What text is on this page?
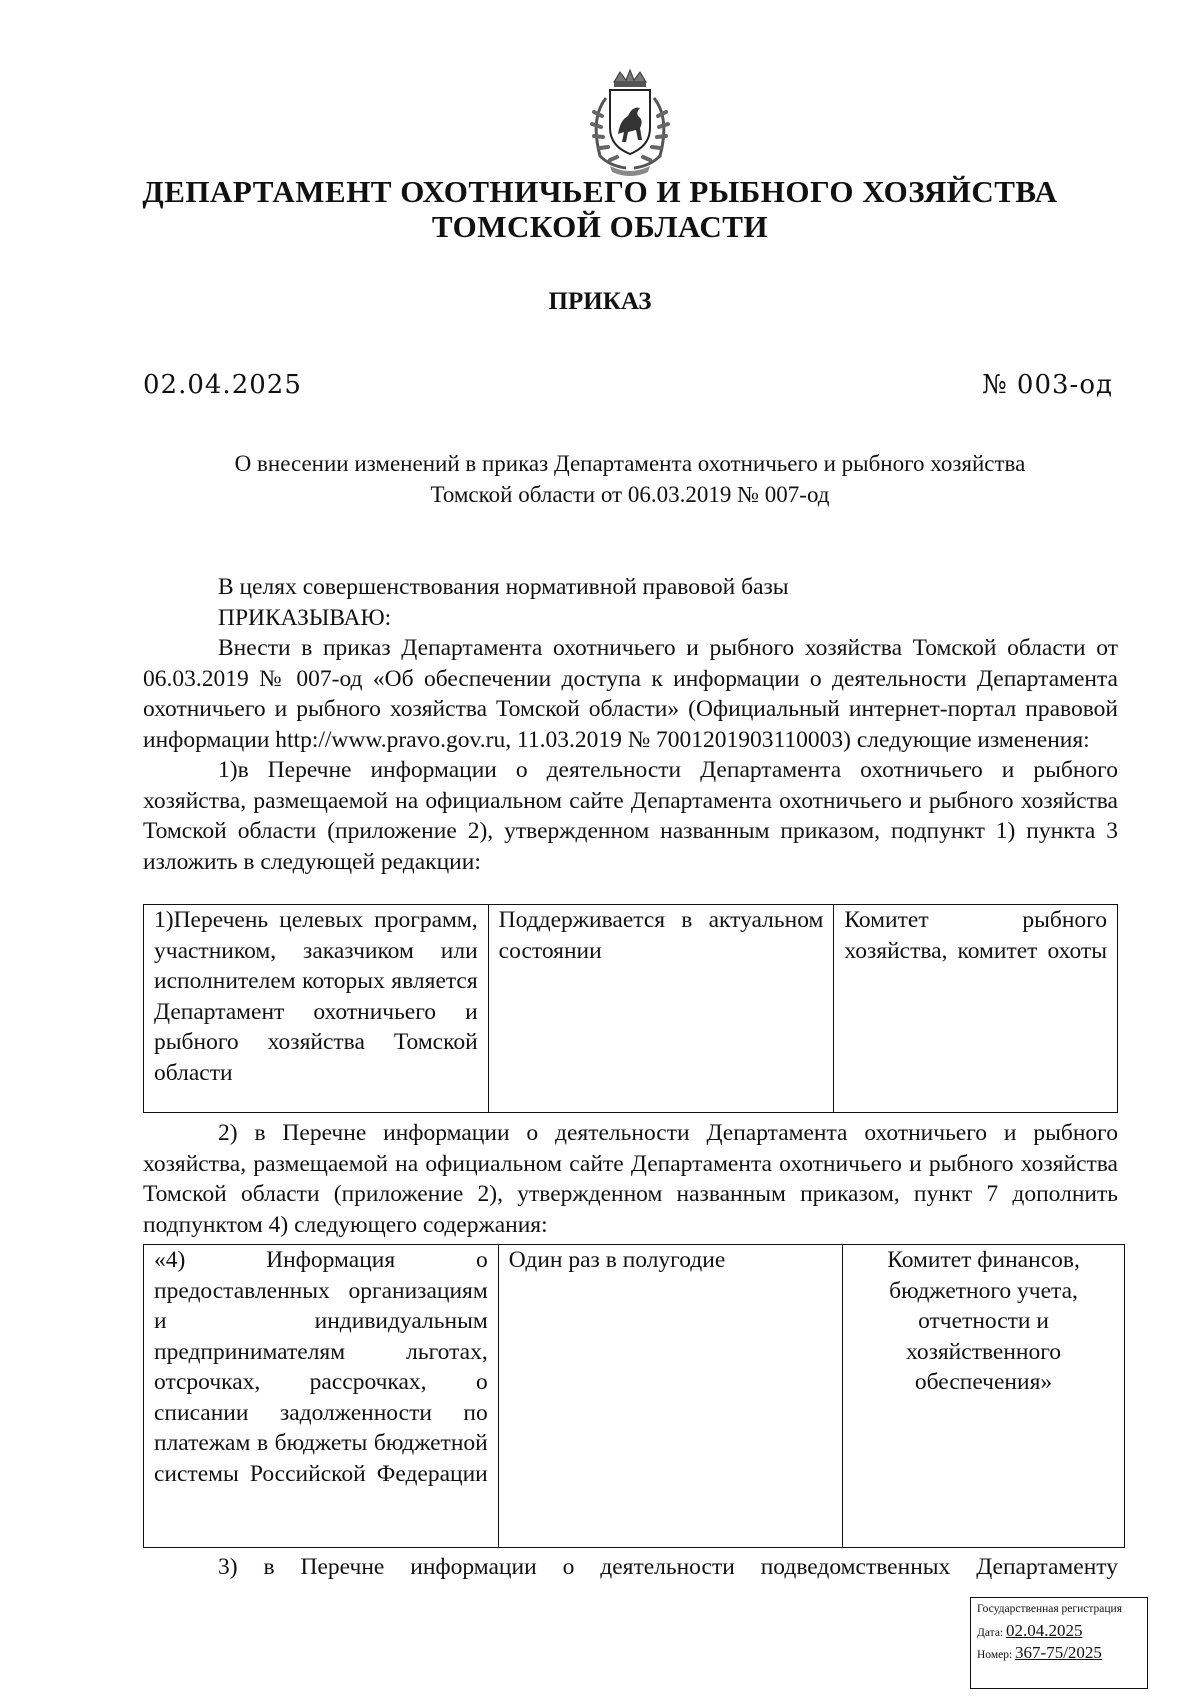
ДЕПАРТАМЕНТ ОХОТНИЧЬЕГО И РЫБНОГО ХОЗЯЙСТВА
ТОМСКОЙ ОБЛАСТИ
ПРИКАЗ
02.04.2025	№ 003-од
О внесении изменений в приказ Департамента охотничьего и рыбного хозяйства
Томской области от 06.03.2019 № 007-од

В целях совершенствования нормативной правовой базы

ПРИКАЗЫВАЮ:

Внести в приказ Департамента охотничьего и рыбного хозяйства Томской области от 06.03.2019 № 007-од «Об обеспечении доступа к информации о деятельности Департамента охотничьего и рыбного хозяйства Томской области» (Официальный интернет-портал правовой информации http://www.pravo.gov.ru, 11.03.2019 № 7001201903110003) следующие изменения:

1)в Перечне информации о деятельности Департамента охотничьего и рыбного хозяйства, размещаемой на официальном сайте Департамента охотничьего и рыбного хозяйства Томской области (приложение 2), утвержденном названным приказом, подпункт 1) пункта 3 изложить в следующей редакции:

1)Перечень целевых программ, участником, заказчиком или исполнителем которых является Департамент охотничьего и рыбного хозяйства Томской области	Поддерживается в актуальном состоянии	Комитет рыбного хозяйства, комитет охоты

2) в Перечне информации о деятельности Департамента охотничьего и рыбного хозяйства, размещаемой на официальном сайте Департамента охотничьего и рыбного хозяйства Томской области (приложение 2), утвержденном названным приказом, пункт 7 дополнить подпунктом 4) следующего содержания:

«4) Информация о предоставленных организациям и индивидуальным предпринимателям льготах, отсрочках, рассрочках, о списании задолженности по платежам в бюджеты бюджетной системы Российской Федерации	Один раз в полугодие	Комитет финансов, бюджетного учета, отчетности и хозяйственного обеспечения»

3) в Перечне информации о деятельности подведомственных Департаменту

Государственная регистрация
Дата: 02.04.2025
Номер: 367-75/2025
